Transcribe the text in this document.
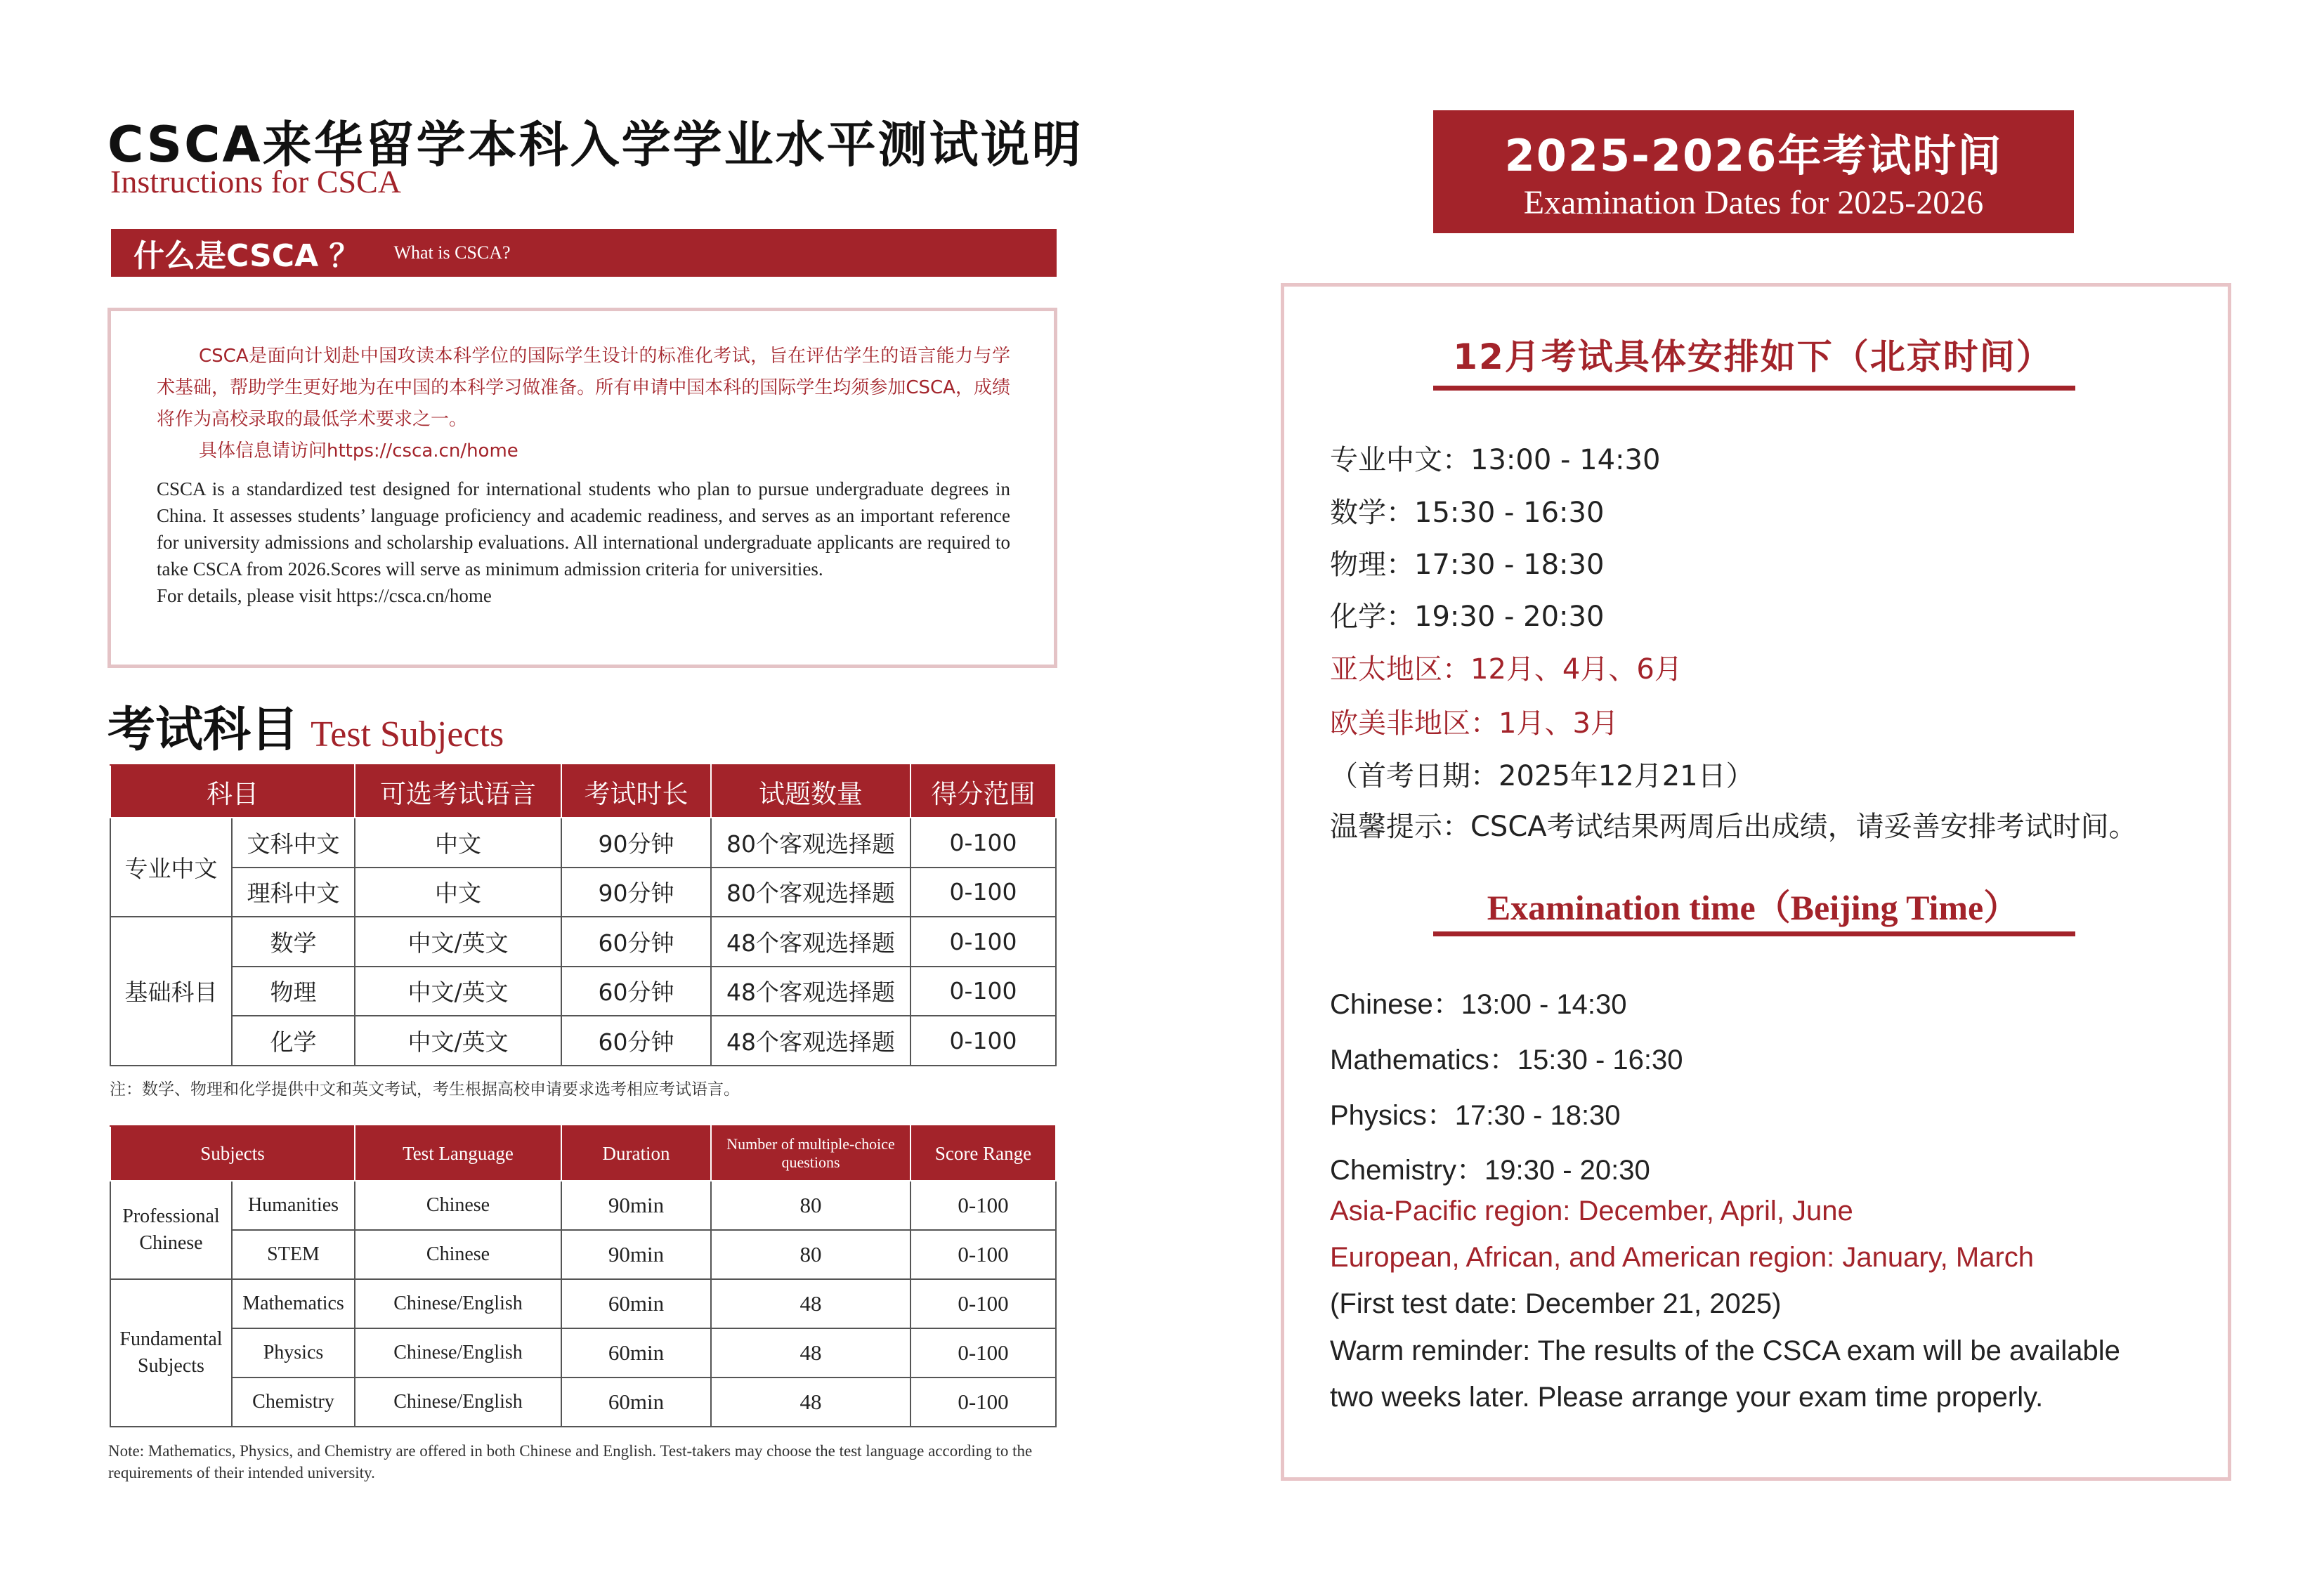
CSCA来华留学本科入学学业水平测试说明
Instructions for CSCA
什么是CSCA ？ What is CSCA?

CSCA是面向计划赴中国攻读本科学位的国际学生设计的标准化考试，旨在评估学生的语言能力与学术基础，帮助学生更好地为在中国的本科学习做准备。所有申请中国本科的国际学生均须参加CSCA，成绩将作为高校录取的最低学术要求之一。

具体信息请访问https://csca.cn/home

CSCA is a standardized test designed for international students who plan to pursue undergraduate degrees in China. It assesses students’ language proficiency and academic readiness, and serves as an important reference for university admissions and scholarship evaluations. All international undergraduate applicants are required to take CSCA from 2026.Scores will serve as minimum admission criteria for universities.

For details, please visit https://csca.cn/home

考试科目 Test Subjects
科目		可选考试语言	考试时长	试题数量	得分范围
专业中文	文科中文	中文	90分钟	80个客观选择题	0-100
	理科中文	中文	90分钟	80个客观选择题	0-100
基础科目	数学	中文/英文	60分钟	48个客观选择题	0-100
	物理	中文/英文	60分钟	48个客观选择题	0-100
	化学	中文/英文	60分钟	48个客观选择题	0-100
注：数学、物理和化学提供中文和英文考试，考生根据高校申请要求选考相应考试语言。
Subjects		Test Language	Duration	Number of multiple-choice questions	Score Range
Professional Chinese	Humanities	Chinese	90min	80	0-100
	STEM	Chinese	90min	80	0-100
Fundamental Subjects	Mathematics	Chinese/English	60min	48	0-100
	Physics	Chinese/English	60min	48	0-100
	Chemistry	Chinese/English	60min	48	0-100
Note: Mathematics, Physics, and Chemistry are offered in both Chinese and English. Test-takers may choose the test language according to the requirements of their intended university.
2025-2026年考试时间
Examination Dates for 2025-2026
12月考试具体安排如下（北京时间）
专业中文：13:00 - 14:30
数学：15:30 - 16:30
物理：17:30 - 18:30
化学：19:30 - 20:30
亚太地区：12月、4月、6月
欧美非地区：1月、3月
（首考日期：2025年12月21日）
温馨提示：CSCA考试结果两周后出成绩，请妥善安排考试时间。
Examination time（Beijing Time）
Chinese：13:00 - 14:30
Mathematics：15:30 - 16:30
Physics：17:30 - 18:30
Chemistry：19:30 - 20:30
Asia-Pacific region: December, April, June
European, African, and American region: January, March
(First test date: December 21, 2025)
Warm reminder: The results of the CSCA exam will be available
two weeks later. Please arrange your exam time properly.
